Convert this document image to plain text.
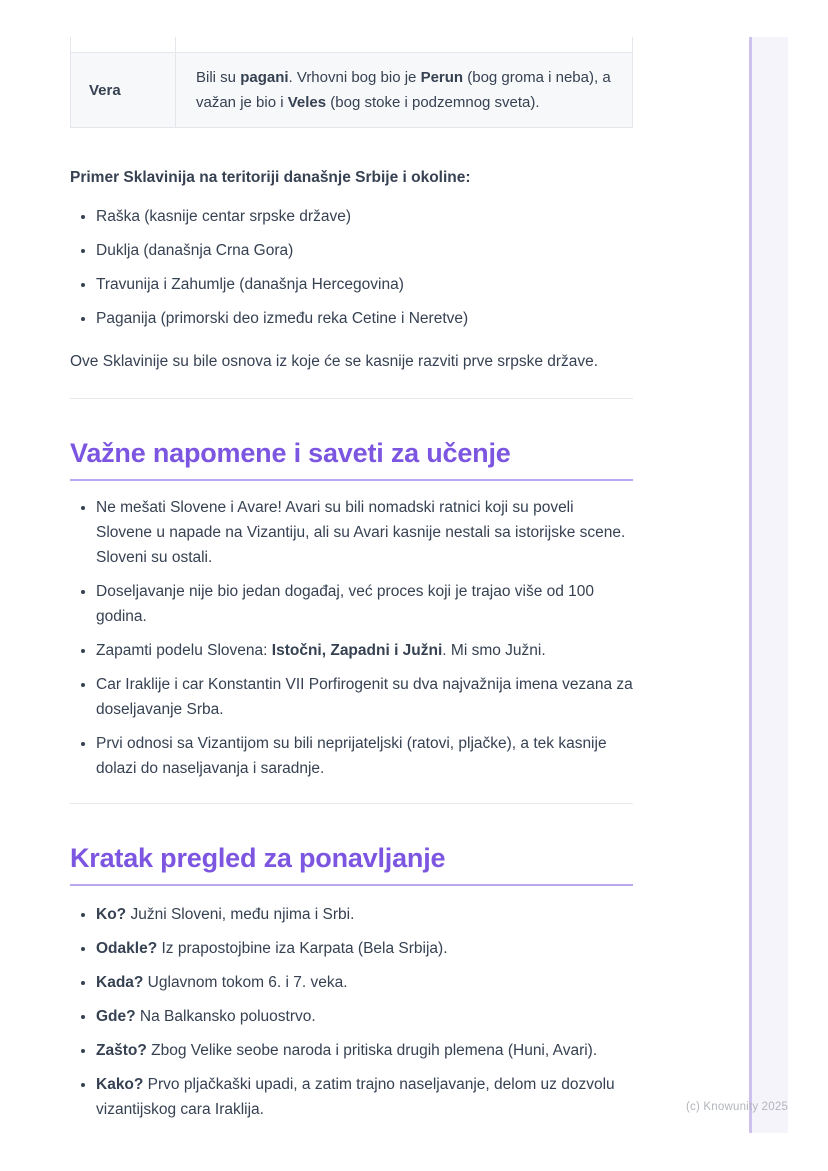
Vera
Bili su pagani. Vrhovni bog bio je Perun (bog groma i neba), a važan je bio i Veles (bog stoke i podzemnog sveta).

Primer Sklavinija na teritoriji današnje Srbije i okoline:

• Raška (kasnije centar srpske države)
• Duklja (današnja Crna Gora)
• Travunija i Zahumlje (današnja Hercegovina)
• Paganija (primorski deo između reka Cetine i Neretve)

Ove Sklavinije su bile osnova iz koje će se kasnije razviti prve srpske države.

Važne napomene i saveti za učenje
• Ne mešati Slovene i Avare! Avari su bili nomadski ratnici koji su poveli Slovene u napade na Vizantiju, ali su Avari kasnije nestali sa istorijske scene. Sloveni su ostali.
• Doseljavanje nije bio jedan događaj, već proces koji je trajao više od 100 godina.
• Zapamti podelu Slovena: Istočni, Zapadni i Južni. Mi smo Južni.
• Car Iraklije i car Konstantin VII Porfirogenit su dva najvažnija imena vezana za doseljavanje Srba.
• Prvi odnosi sa Vizantijom su bili neprijateljski (ratovi, pljačke), a tek kasnije dolazi do naseljavanja i saradnje.
Kratak pregled za ponavljanje
• Ko? Južni Sloveni, među njima i Srbi.
• Odakle? Iz prapostojbine iza Karpata (Bela Srbija).
• Kada? Uglavnom tokom 6. i 7. veka.
• Gde? Na Balkansko poluostrvo.
• Zašto? Zbog Velike seobe naroda i pritiska drugih plemena (Huni, Avari).
• Kako? Prvo pljačkaški upadi, a zatim trajno naseljavanje, delom uz dozvolu vizantijskog cara Iraklija.	(c) Knowunity 2025
